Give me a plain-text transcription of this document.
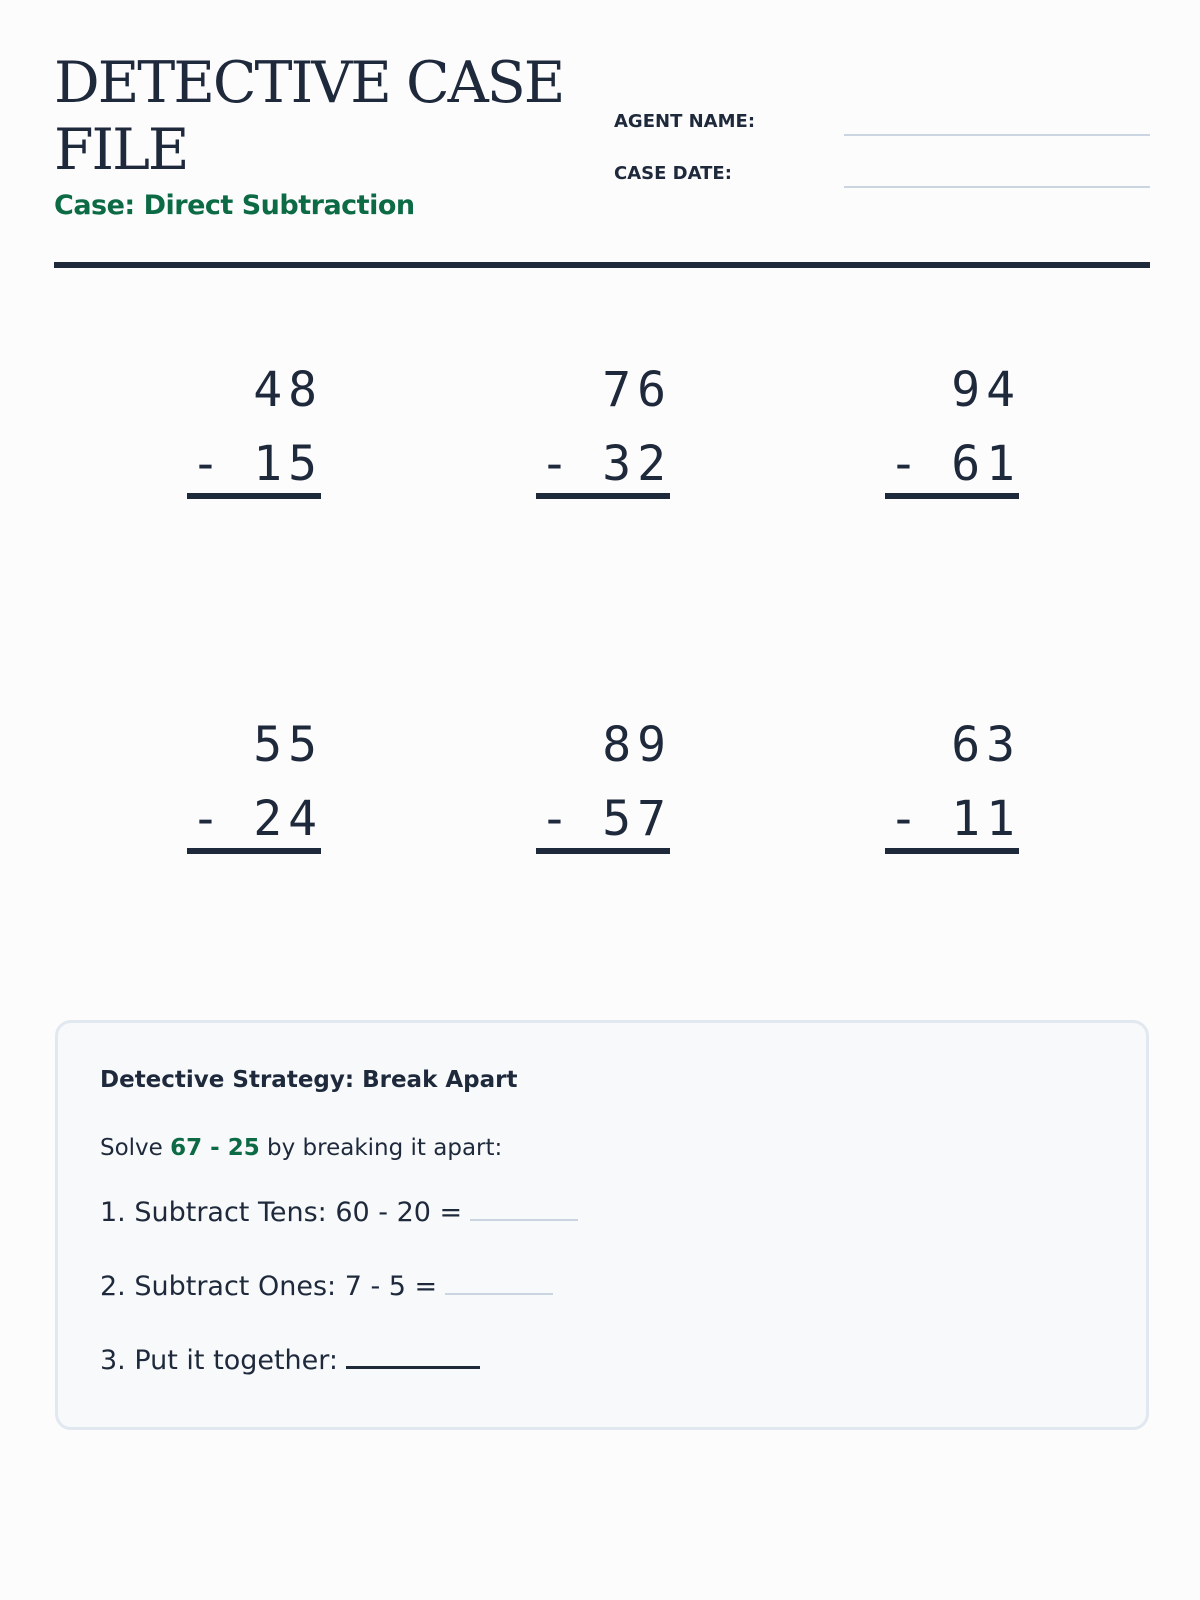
DETECTIVE CASE FILE
Case: Direct Subtraction
AGENT NAME:
CASE DATE:
48
- 15
76
- 32
94
- 61
55
- 24
89
- 57
63
- 11
Detective Strategy: Break Apart
Solve 67 - 25 by breaking it apart:
1. Subtract Tens: 60 - 20 =
2. Subtract Ones: 7 - 5 =
3. Put it together:
